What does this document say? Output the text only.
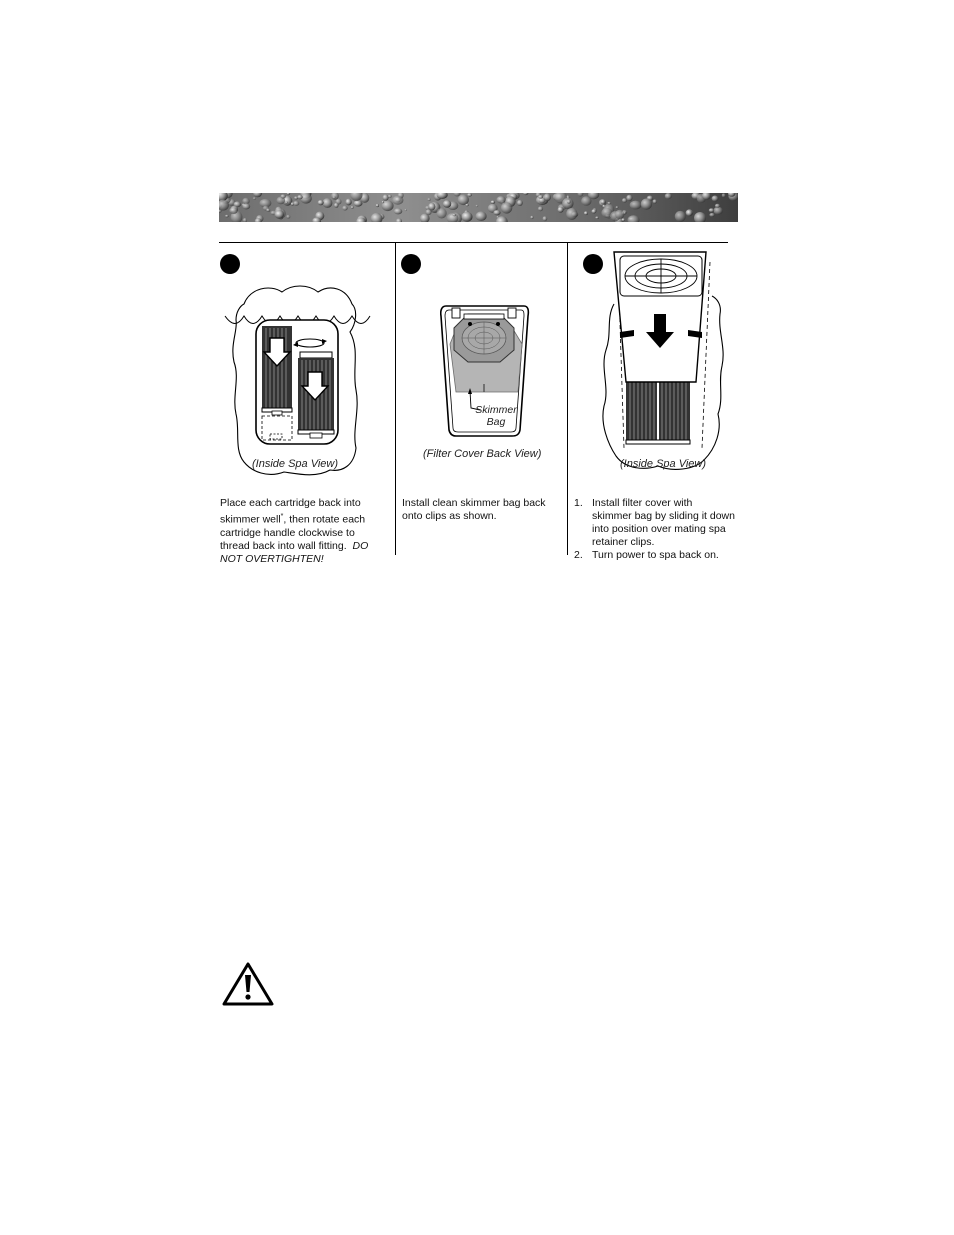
(Inside Spa View)
Place each cartridge back into
skimmer well*, then rotate each
cartridge handle clockwise to
thread back into wall fitting. DO
NOT OVERTIGHTEN!
Skimmer
Bag
(Filter Cover Back View)
Install clean skimmer bag back
onto clips as shown.
(Inside Spa View)
1. Install filter cover with
skimmer bag by sliding it down
into position over mating spa
retainer clips.
2. Turn power to spa back on.
